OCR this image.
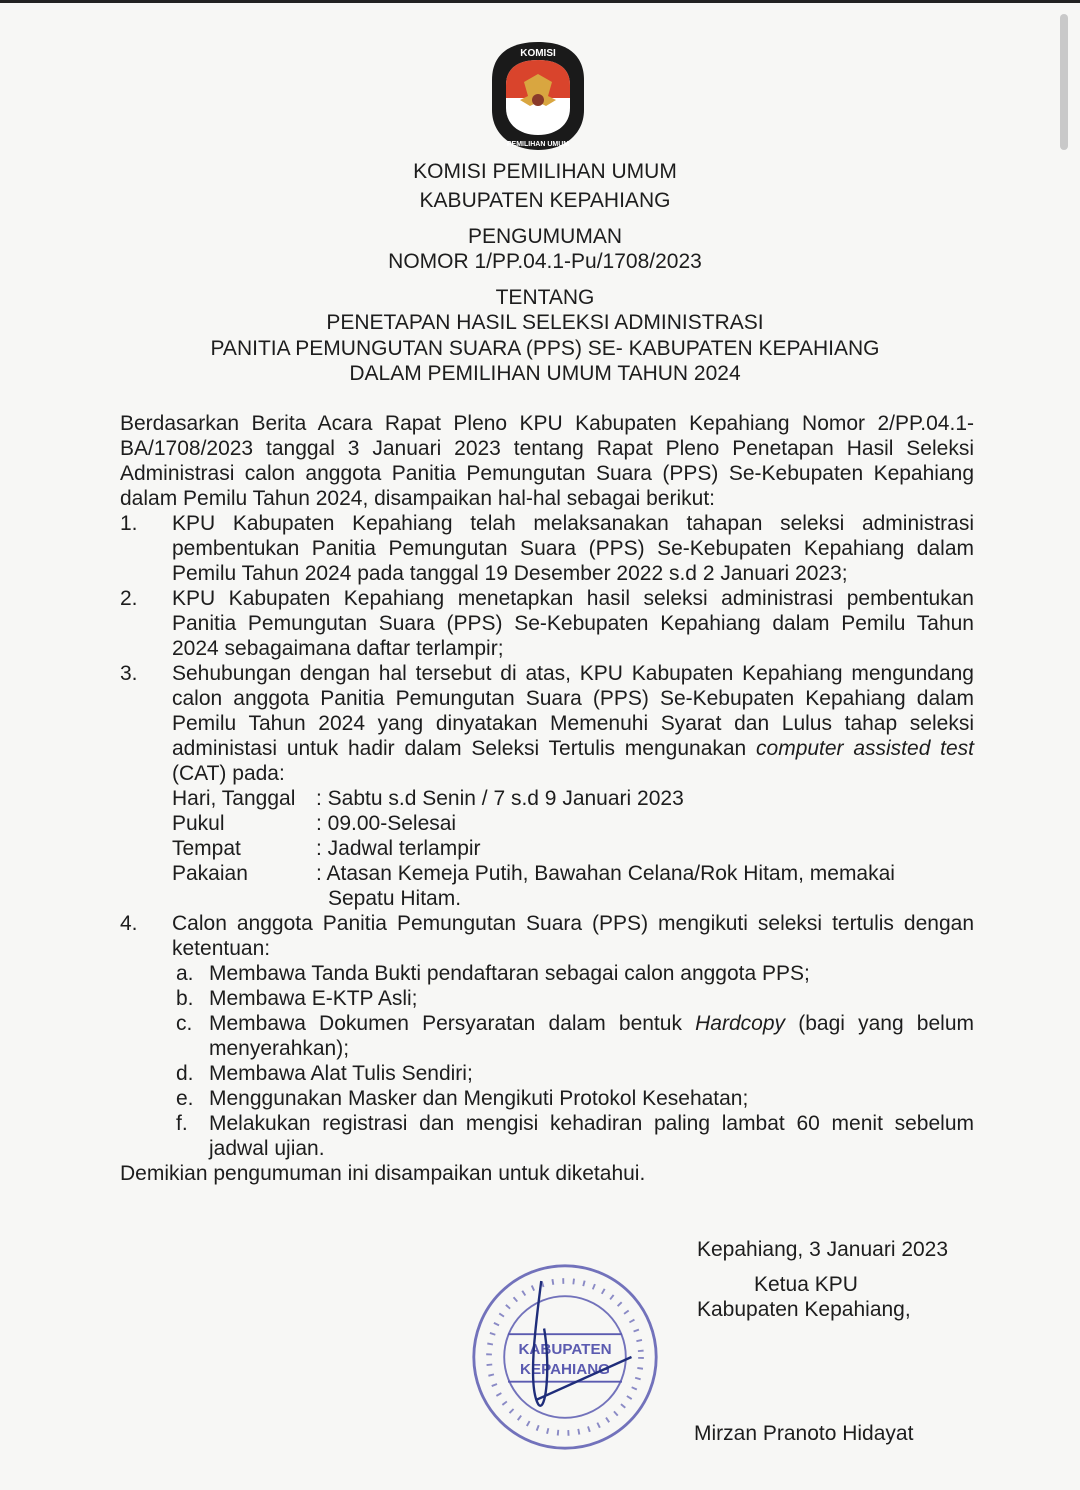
KOMISI
PEMILIHAN UMUM
KOMISI PEMILIHAN UMUM
KABUPATEN KEPAHIANG
PENGUMUMAN
NOMOR 1/PP.04.1-Pu/1708/2023
TENTANG
PENETAPAN HASIL SELEKSI ADMINISTRASI
PANITIA PEMUNGUTAN SUARA (PPS) SE- KABUPATEN KEPAHIANG
DALAM PEMILIHAN UMUM TAHUN 2024
Berdasarkan Berita Acara Rapat Pleno KPU Kabupaten Kepahiang Nomor 2/PP.04.1-BA/1708/2023 tanggal 3 Januari 2023 tentang Rapat Pleno Penetapan Hasil Seleksi Administrasi calon anggota Panitia Pemungutan Suara (PPS) Se-Kebupaten Kepahiang dalam Pemilu Tahun 2024, disampaikan hal-hal sebagai berikut:
1.	KPU Kabupaten Kepahiang telah melaksanakan tahapan seleksi administrasi pembentukan Panitia Pemungutan Suara (PPS) Se-Kebupaten Kepahiang dalam Pemilu Tahun 2024 pada tanggal 19 Desember 2022 s.d 2 Januari 2023;
2.	KPU Kabupaten Kepahiang menetapkan hasil seleksi administrasi pembentukan Panitia Pemungutan Suara (PPS) Se-Kebupaten Kepahiang dalam Pemilu Tahun 2024 sebagaimana daftar terlampir;
3.	Sehubungan dengan hal tersebut di atas, KPU Kabupaten Kepahiang mengundang calon anggota Panitia Pemungutan Suara (PPS) Se-Kebupaten Kepahiang dalam Pemilu Tahun 2024 yang dinyatakan Memenuhi Syarat dan Lulus tahap seleksi administasi untuk hadir dalam Seleksi Tertulis mengunakan computer assisted test (CAT) pada:
Hari, Tanggal : Sabtu s.d Senin / 7 s.d 9 Januari 2023
Pukul	: 09.00-Selesai
Tempat	: Jadwal terlampir
Pakaian	: Atasan Kemeja Putih, Bawahan Celana/Rok Hitam, memakai
Sepatu Hitam.
4.	Calon anggota Panitia Pemungutan Suara (PPS) mengikuti seleksi tertulis dengan ketentuan:
a. Membawa Tanda Bukti pendaftaran sebagai calon anggota PPS;
b. Membawa E-KTP Asli;
c. Membawa Dokumen Persyaratan dalam bentuk Hardcopy (bagi yang belum menyerahkan);
d. Membawa Alat Tulis Sendiri;
e. Menggunakan Masker dan Mengikuti Protokol Kesehatan;
f.	Melakukan registrasi dan mengisi kehadiran paling lambat 60 menit sebelum jadwal ujian.
Demikian pengumuman ini disampaikan untuk diketahui.
KABUPATEN
KEPAHIANG
Kepahiang, 3 Januari 2023
Ketua KPU
Kabupaten Kepahiang,
Mirzan Pranoto Hidayat
